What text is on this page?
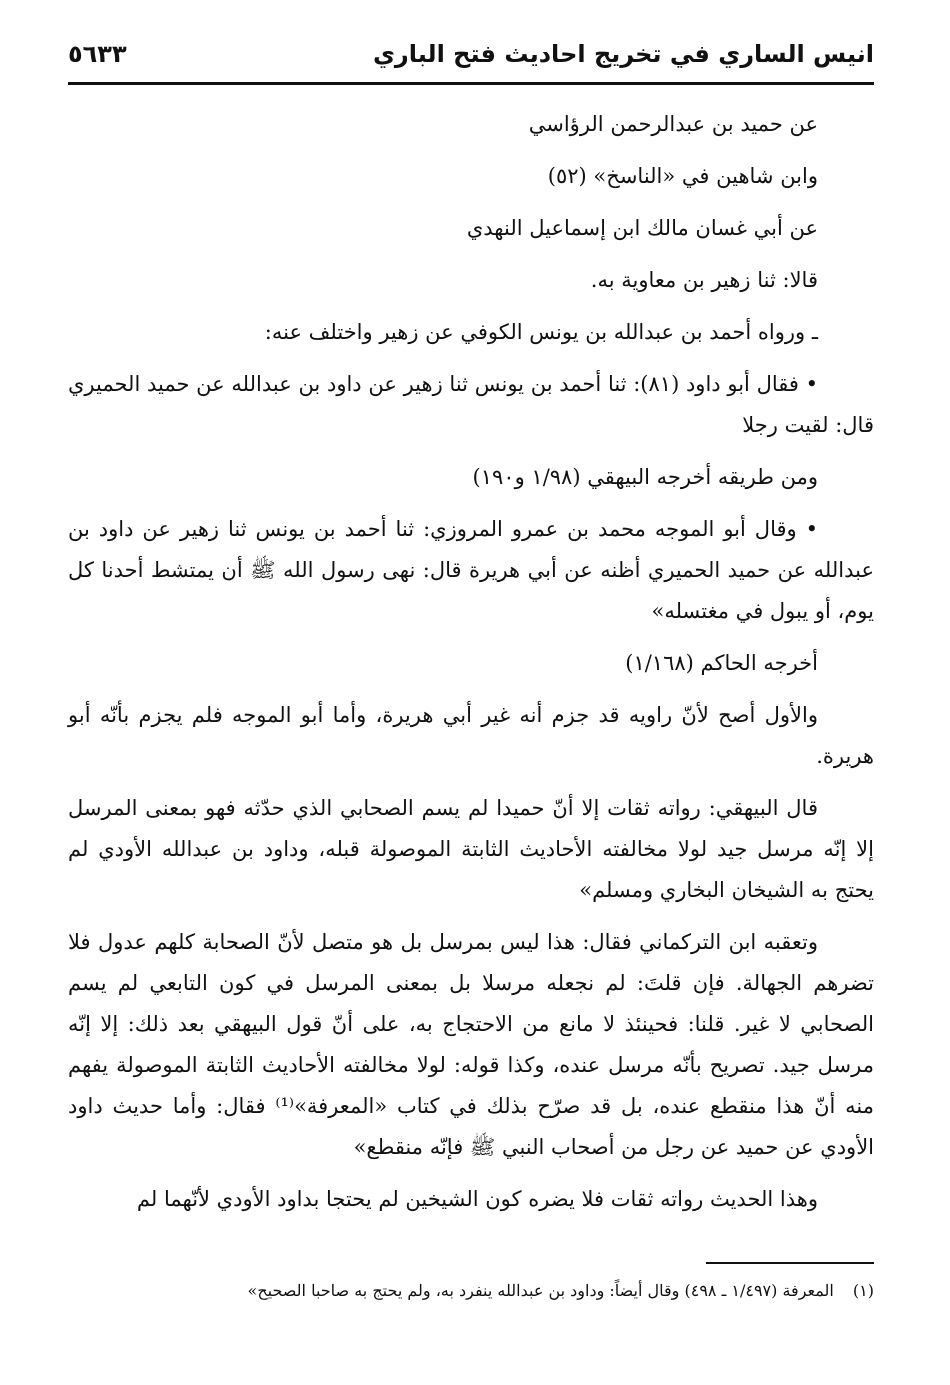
٥٦٣٣	انيس الساري في تخريج احاديث فتح الباري

عن حميد بن عبدالرحمن الرؤاسي

وابن شاهين في «الناسخ» (٥٢)

عن أبي غسان مالك ابن إسماعيل النهدي

قالا: ثنا زهير بن معاوية به.

ـ ورواه أحمد بن عبدالله بن يونس الكوفي عن زهير واختلف عنه:

• فقال أبو داود (٨١): ثنا أحمد بن يونس ثنا زهير عن داود بن عبدالله عن حميد الحميري قال: لقيت رجلا

ومن طريقه أخرجه البيهقي (١/٩٨ و١٩٠)

• وقال أبو الموجه محمد بن عمرو المروزي: ثنا أحمد بن يونس ثنا زهير عن داود بن عبدالله عن حميد الحميري أظنه عن أبي هريرة قال: نهى رسول الله ﷺ أن يمتشط أحدنا كل يوم، أو يبول في مغتسله»

أخرجه الحاكم (١/١٦٨)

والأول أصح لأنّ راويه قد جزم أنه غير أبي هريرة، وأما أبو الموجه فلم يجزم بأنّه أبو هريرة.

قال البيهقي: رواته ثقات إلا أنّ حميدا لم يسم الصحابي الذي حدّثه فهو بمعنى المرسل إلا إنّه مرسل جيد لولا مخالفته الأحاديث الثابتة الموصولة قبله، وداود بن عبدالله الأودي لم يحتج به الشيخان البخاري ومسلم»

وتعقبه ابن التركماني فقال: هذا ليس بمرسل بل هو متصل لأنّ الصحابة كلهم عدول فلا تضرهم الجهالة. فإن قلتَ: لم نجعله مرسلا بل بمعنى المرسل في كون التابعي لم يسم الصحابي لا غير. قلنا: فحينئذ لا مانع من الاحتجاج به، على أنّ قول البيهقي بعد ذلك: إلا إنّه مرسل جيد. تصريح بأنّه مرسل عنده، وكذا قوله: لولا مخالفته الأحاديث الثابتة الموصولة يفهم منه أنّ هذا منقطع عنده، بل قد صرّح بذلك في كتاب «المعرفة»⁽¹⁾ فقال: وأما حديث داود الأودي عن حميد عن رجل من أصحاب النبي ﷺ فإنّه منقطع»

وهذا الحديث رواته ثقات فلا يضره كون الشيخين لم يحتجا بداود الأودي لأنّهما لم

(١) المعرفة (١/٤٩٧ ـ ٤٩٨) وقال أيضاً: وداود بن عبدالله ينفرد به، ولم يحتج به صاحبا الصحيح»
